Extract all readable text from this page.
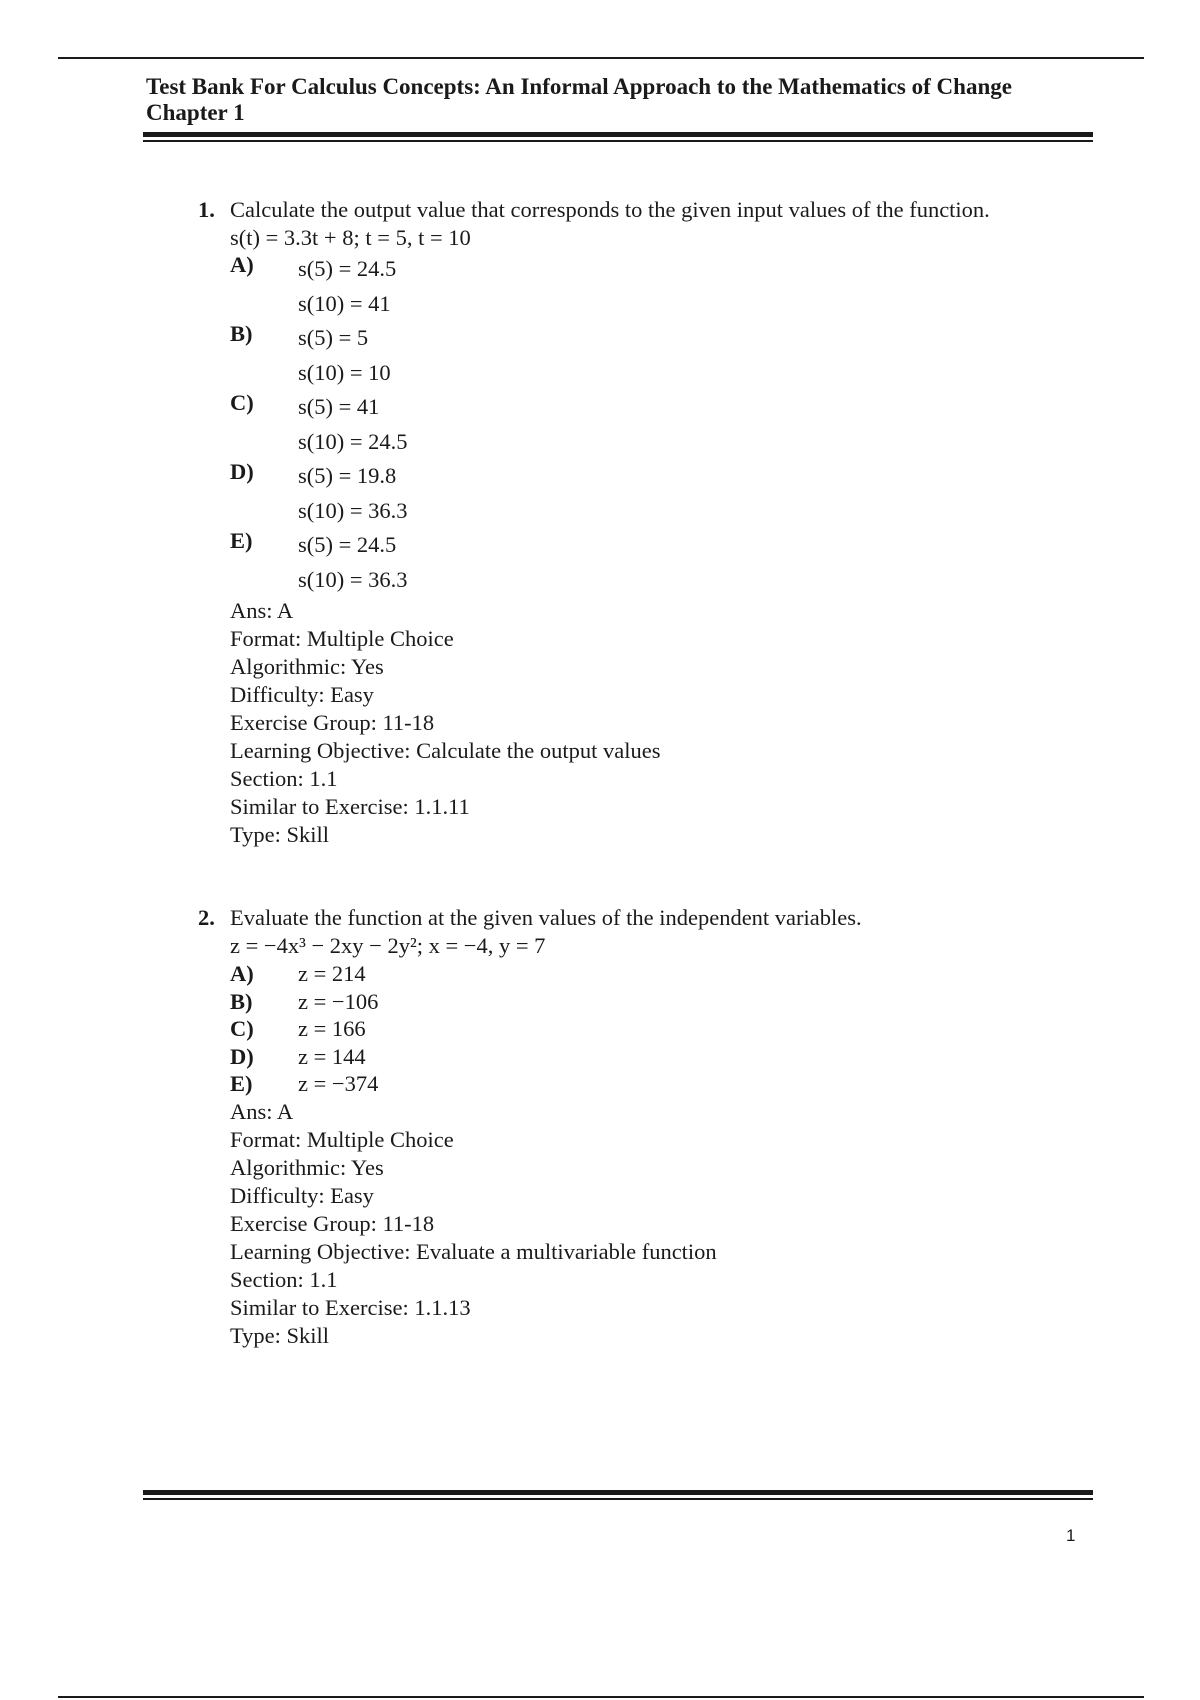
Test Bank For Calculus Concepts: An Informal Approach to the Mathematics of Change
Chapter 1
1. Calculate the output value that corresponds to the given input values of the function.
s(t) = 3.3t + 8; t = 5, t = 10
A)	s(5) = 24.5
s(10) = 41
B)	s(5) = 5
s(10) = 10
C)	s(5) = 41
s(10) = 24.5
D)	s(5) = 19.8
s(10) = 36.3
E)	s(5) = 24.5
s(10) = 36.3
Ans: A
Format: Multiple Choice
Algorithmic: Yes
Difficulty: Easy
Exercise Group: 11-18
Learning Objective: Calculate the output values
Section: 1.1
Similar to Exercise: 1.1.11
Type: Skill
2. Evaluate the function at the given values of the independent variables.
z = −4x³ − 2xy − 2y²; x = −4, y = 7
A)	z = 214
B)	z = −106
C)	z = 166
D)	z = 144
E)	z = −374
Ans: A
Format: Multiple Choice
Algorithmic: Yes
Difficulty: Easy
Exercise Group: 11-18
Learning Objective: Evaluate a multivariable function
Section: 1.1
Similar to Exercise: 1.1.13
Type: Skill
1
